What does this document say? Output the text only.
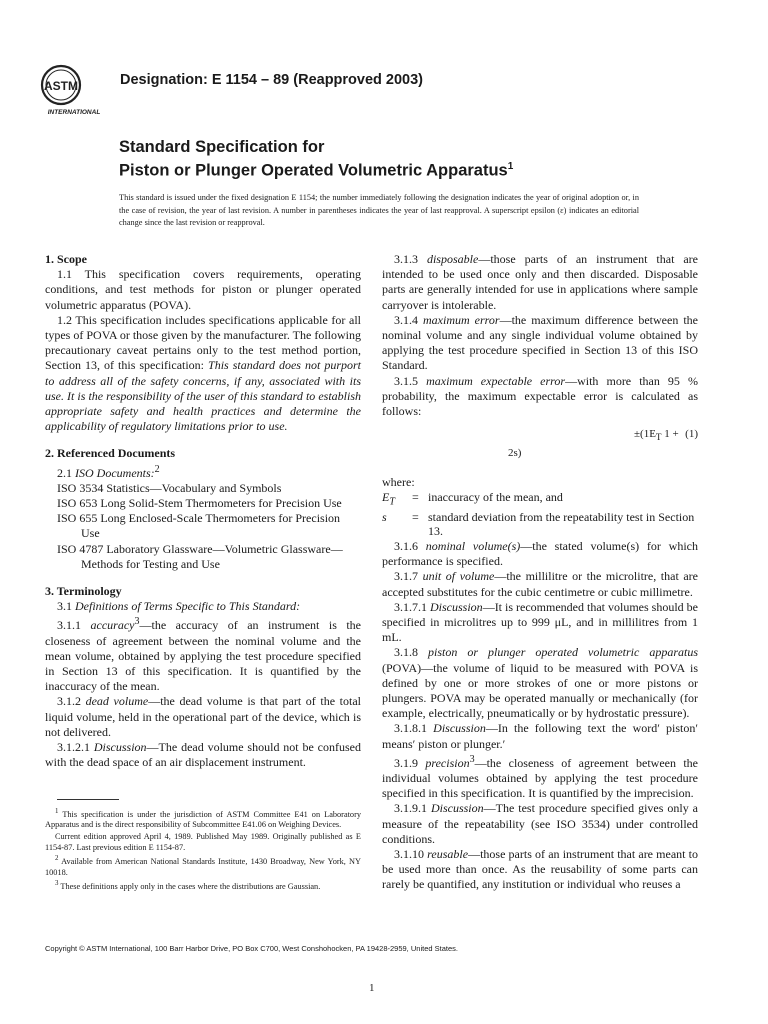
ASTM
INTERNATIONAL
Designation: E 1154 – 89 (Reapproved 2003)
Standard Specification for
Piston or Plunger Operated Volumetric Apparatus$^1$
This standard is issued under the fixed designation E 1154; the number immediately following the designation indicates the year of original adoption or, in the case of revision, the year of last revision. A number in parentheses indicates the year of last reapproval. A superscript epsilon (ε) indicates an editorial change since the last revision or reapproval.
1. Scope

1.1 This specification covers requirements, operating conditions, and test methods for piston or plunger operated volumetric apparatus (POVA).

1.2 This specification includes specifications applicable for all types of POVA or those given by the manufacturer. The following precautionary caveat pertains only to the test method portion, Section 13, of this specification: This standard does not purport to address all of the safety concerns, if any, associated with its use. It is the responsibility of the user of this standard to establish appropriate safety and health practices and determine the applicability of regulatory limitations prior to use.

2. Referenced Documents

2.1 ISO Documents:$^2$

ISO 3534 Statistics—Vocabulary and Symbols

ISO 653 Long Solid-Stem Thermometers for Precision Use

ISO 655 Long Enclosed-Scale Thermometers for Precision Use

ISO 4787 Laboratory Glassware—Volumetric Glassware—Methods for Testing and Use

3. Terminology

3.1 Definitions of Terms Specific to This Standard:

3.1.1 accuracy$^3$—the accuracy of an instrument is the closeness of agreement between the nominal volume and the mean volume, obtained by applying the test procedure specified in Section 13 of this specification. It is quantified by the inaccuracy of the mean.

3.1.2 dead volume—the dead volume is that part of the total liquid volume, held in the operational part of the device, which is not delivered.

3.1.2.1 Discussion—The dead volume should not be confused with the dead space of an air displacement instrument.

$^1$ This specification is under the jurisdiction of ASTM Committee E41 on Laboratory Apparatus and is the direct responsibility of Subcommittee E41.06 on Weighing Devices.

Current edition approved April 4, 1989. Published May 1989. Originally published as E 1154-87. Last previous edition E 1154-87.

$^2$ Available from American National Standards Institute, 1430 Broadway, New York, NY 10018.

$^3$ These definitions apply only in the cases where the distributions are Gaussian.

3.1.3 disposable—those parts of an instrument that are intended to be used once only and then discarded. Disposable parts are generally intended for use in applications where sample carryover is intolerable.

3.1.4 maximum error—the maximum difference between the nominal volume and any single individual volume obtained by applying the test procedure specified in Section 13 of this ISO Standard.

3.1.5 maximum expectable error—with more than 95 % probability, the maximum expectable error is calculated as follows:

$\pm(1E_T$ 1 + 2s)
(1)

where:

$E_T$	=	inaccuracy of the mean, and
s	=	standard deviation from the repeatability test in Section 13.

3.1.6 nominal volume(s)—the stated volume(s) for which performance is specified.

3.1.7 unit of volume—the millilitre or the microlitre, that are accepted substitutes for the cubic centimetre or cubic millimetre.

3.1.7.1 Discussion—It is recommended that volumes should be specified in microlitres up to 999 μL, and in millilitres from 1 mL.

3.1.8 piston or plunger operated volumetric apparatus (POVA)—the volume of liquid to be measured with POVA is defined by one or more strokes of one or more pistons or plungers. POVA may be operated manually or mechanically (for example, electrically, pneumatically or by hydrostatic pressure).

3.1.8.1 Discussion—In the following text the word′ piston′ means′ piston or plunger.′

3.1.9 precision$^3$—the closeness of agreement between the individual volumes obtained by applying the test procedure specified in this specification. It is quantified by the imprecision.

3.1.9.1 Discussion—The test procedure specified gives only a measure of the repeatability (see ISO 3534) under controlled conditions.

3.1.10 reusable—those parts of an instrument that are meant to be used more than once. As the reusability of some parts can rarely be quantified, any institution or individual who reuses a

Copyright © ASTM International, 100 Barr Harbor Drive, PO Box C700, West Conshohocken, PA 19428-2959, United States.
1
